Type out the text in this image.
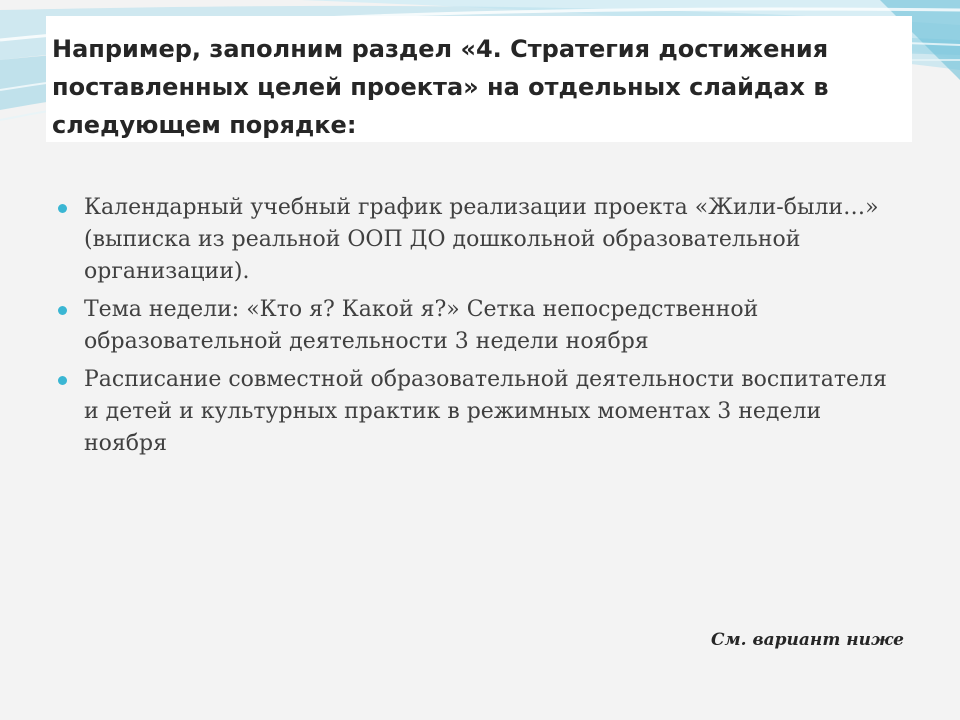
Например, заполним раздел «4. Стратегия достижения поставленных целей проекта» на отдельных слайдах в следующем порядке:
Календарный учебный график реализации проекта «Жили-были…» (выписка из реальной ООП ДО дошкольной образовательной организации).
Тема недели: «Кто я? Какой я?» Сетка непосредственной образовательной деятельности 3 недели ноября
Расписание совместной образовательной деятельности воспитателя и детей и культурных практик в режимных моментах 3 недели ноября
См. вариант ниже
